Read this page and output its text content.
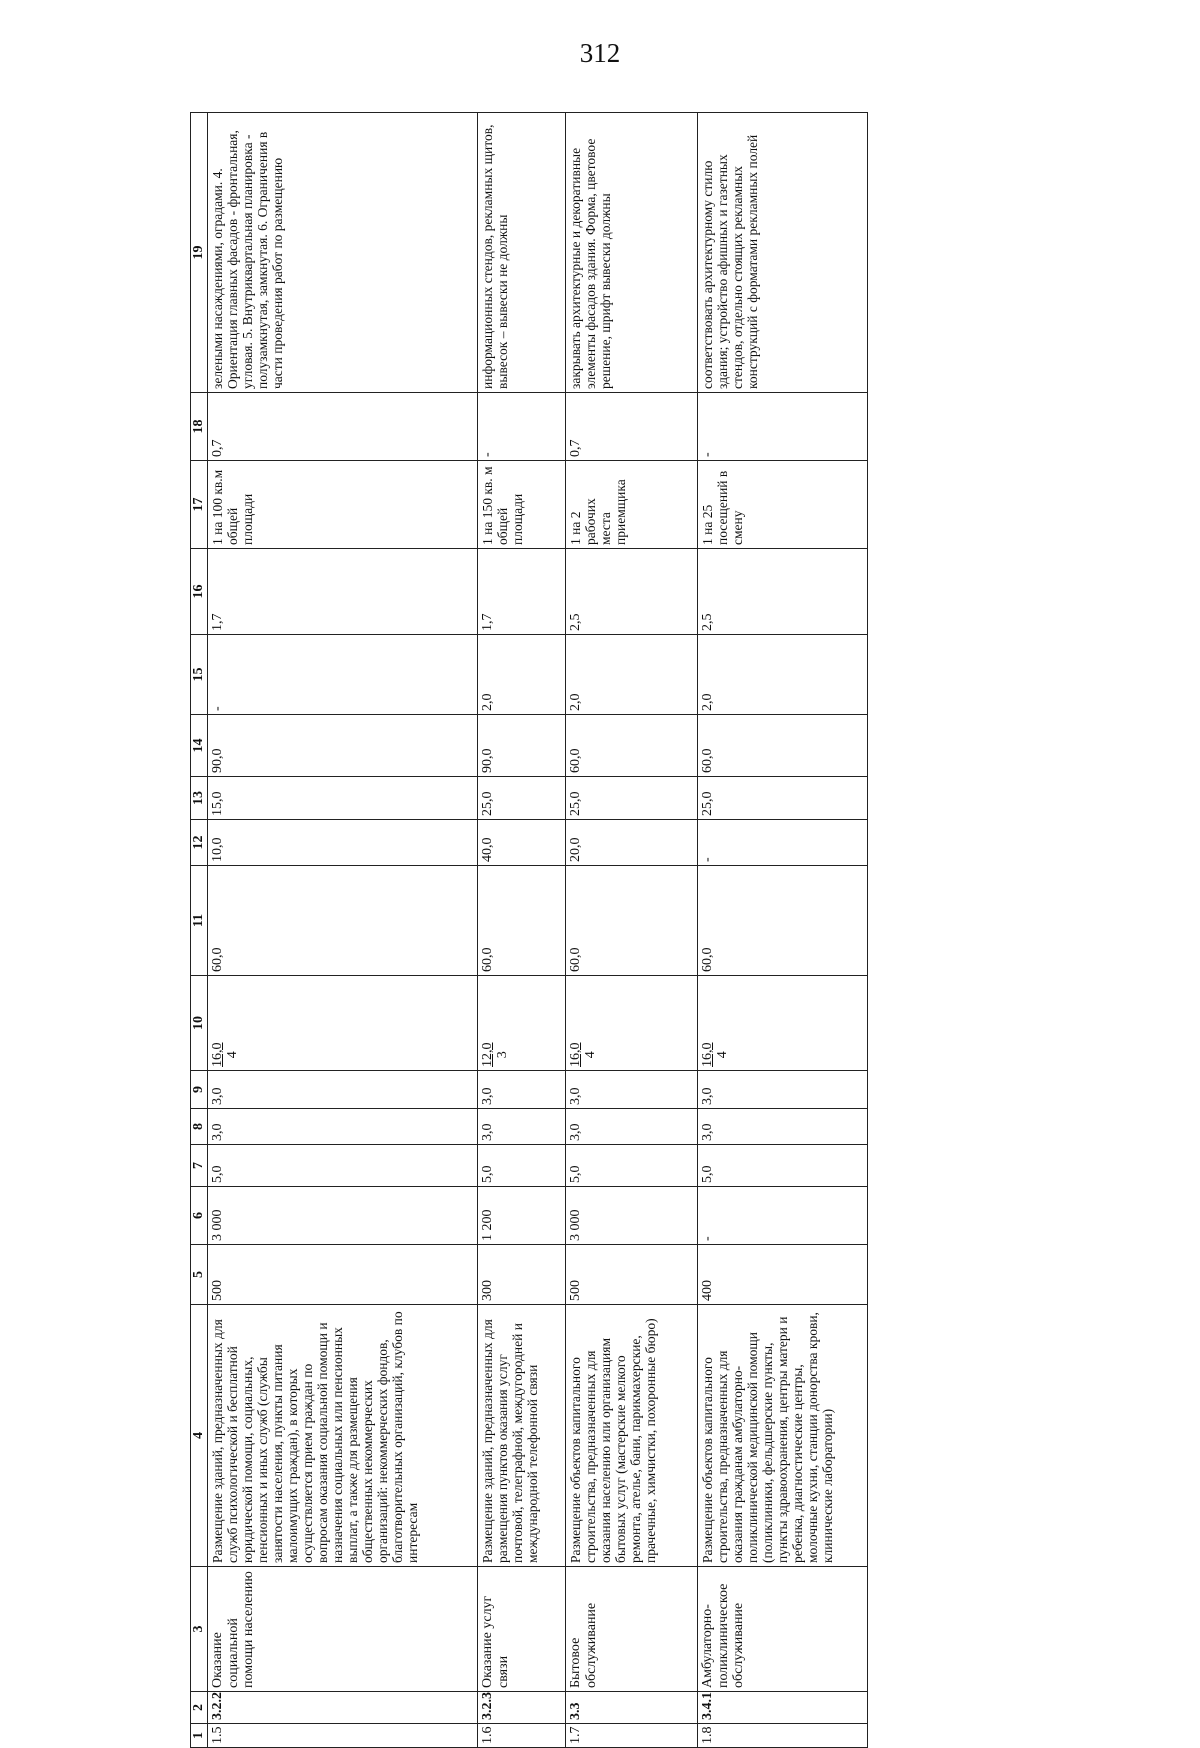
312
1	2	3	4	5	6	7	8	9	10	11	12	13	14	15	16	17	18	19
1.5	3.2.2	Оказание социальной помощи населению	Размещение зданий, предназначенных для служб психологической и бесплатной юридической помощи, социальных, пенсионных и иных служб (службы занятости населения, пункты питания малоимущих граждан), в которых осуществляется прием граждан по вопросам оказания социальной помощи и назначения социальных или пенсионных выплат, а также для размещения общественных некоммерческих организаций: некоммерческих фондов, благотворительных организаций, клубов по интересам	500	3 000	5,0	3,0	3,0	16,0 4	60,0	10,0	15,0	90,0	-	1,7	1 на 100 кв.м общей площади	0,7	зелеными насаждениями, оградами. 4. Ориентация главных фасадов - фронтальная, угловая. 5. Внутриквартальная планировка - полузамкнутая, замкнутая. 6. Ограничения в части проведения работ по размещению
1.6	3.2.3	Оказание услуг связи	Размещение зданий, предназначенных для размещения пунктов оказания услуг почтовой, телеграфной, междугородней и международной телефонной связи	300	1 200	5,0	3,0	3,0	12,0 3	60,0	40,0	25,0	90,0	2,0	1,7	1 на 150 кв. м общей площади	-	информационных стендов, рекламных щитов, вывесок – вывески не должны
1.7	3.3	Бытовое обслуживание	Размещение объектов капитального строительства, предназначенных для оказания населению или организациям бытовых услуг (мастерские мелкого ремонта, ателье, бани, парикмахерские, прачечные, химчистки, похоронные бюро)	500	3 000	5,0	3,0	3,0	16,0 4	60,0	20,0	25,0	60,0	2,0	2,5	1 на 2 рабочих места приемщика	0,7	закрывать архитектурные и декоративные элементы фасадов здания. Форма, цветовое решение, шрифт вывески должны
1.8	3.4.1	Амбулаторно-поликлиническое обслуживание	Размещение объектов капитального строительства, предназначенных для оказания гражданам амбулаторно-поликлинической медицинской помощи (поликлиники, фельдшерские пункты, пункты здравоохранения, центры матери и ребенка, диагностические центры, молочные кухни, станции донорства крови, клинические лаборатории)	400	-	5,0	3,0	3,0	16,0 4	60,0	-	25,0	60,0	2,0	2,5	1 на 25 посещений в смену	-	соответствовать архитектурному стилю здания; устройство афишных и газетных стендов, отдельно стоящих рекламных конструкций с форматами рекламных полей
